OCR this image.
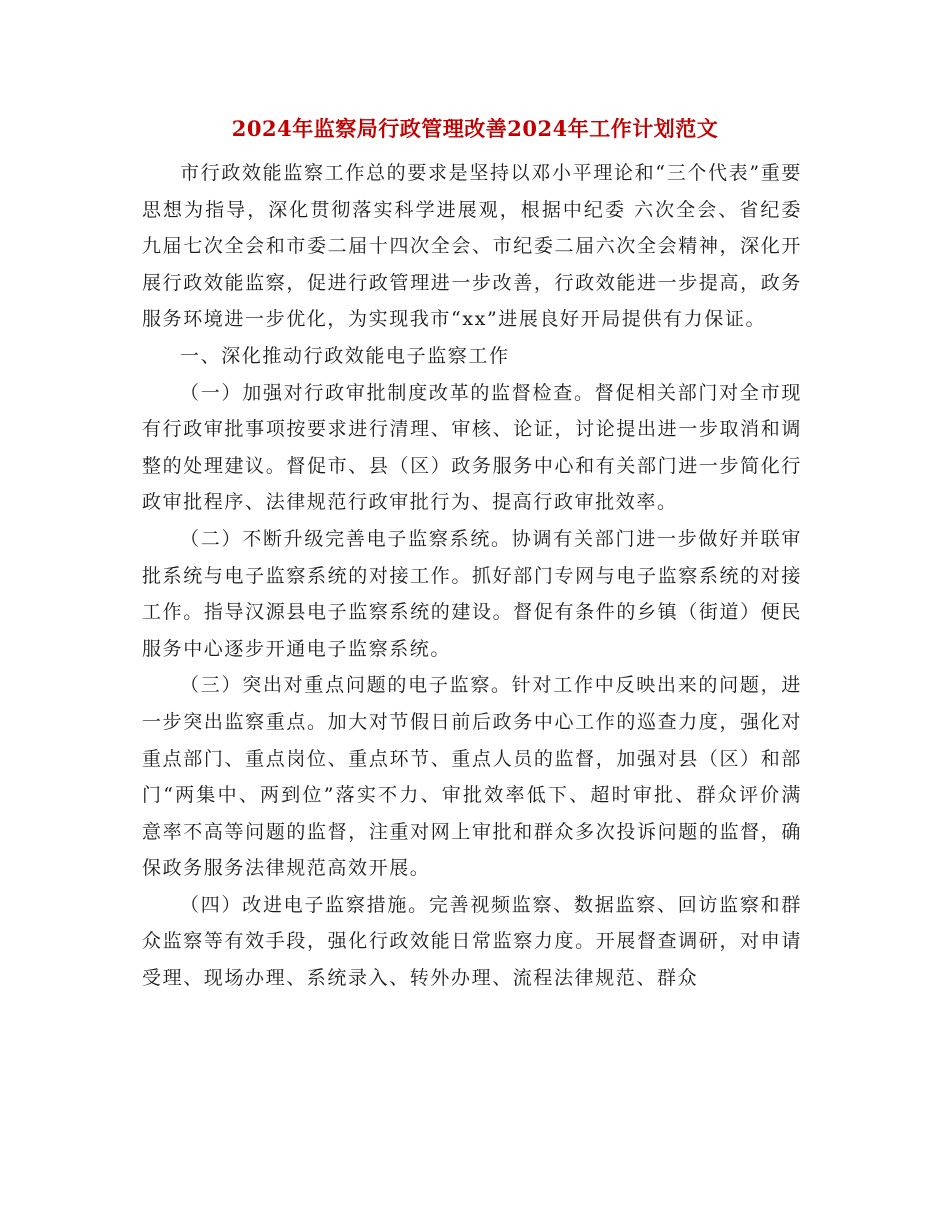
2024年监察局行政管理改善2024年工作计划范文

市行政效能监察工作总的要求是坚持以邓小平理论和“三个代表”重要思想为指导，深化贯彻落实科学进展观，根据中纪委 六次全会、省纪委九届七次全会和市委二届十四次全会、市纪委二届六次全会精神，深化开展行政效能监察，促进行政管理进一步改善，行政效能进一步提高，政务服务环境进一步优化，为实现我市“xx”进展良好开局提供有力保证。

一、深化推动行政效能电子监察工作

（一）加强对行政审批制度改革的监督检查。督促相关部门对全市现有行政审批事项按要求进行清理、审核、论证，讨论提出进一步取消和调整的处理建议。督促市、县（区）政务服务中心和有关部门进一步简化行政审批程序、法律规范行政审批行为、提高行政审批效率。

（二）不断升级完善电子监察系统。协调有关部门进一步做好并联审批系统与电子监察系统的对接工作。抓好部门专网与电子监察系统的对接工作。指导汉源县电子监察系统的建设。督促有条件的乡镇（街道）便民服务中心逐步开通电子监察系统。

（三）突出对重点问题的电子监察。针对工作中反映出来的问题，进一步突出监察重点。加大对节假日前后政务中心工作的巡查力度，强化对重点部门、重点岗位、重点环节、重点人员的监督，加强对县（区）和部门“两集中、两到位”落实不力、审批效率低下、超时审批、群众评价满意率不高等问题的监督，注重对网上审批和群众多次投诉问题的监督，确保政务服务法律规范高效开展。

（四）改进电子监察措施。完善视频监察、数据监察、回访监察和群众监察等有效手段，强化行政效能日常监察力度。开展督查调研，对申请受理、现场办理、系统录入、转外办理、流程法律规范、群众
